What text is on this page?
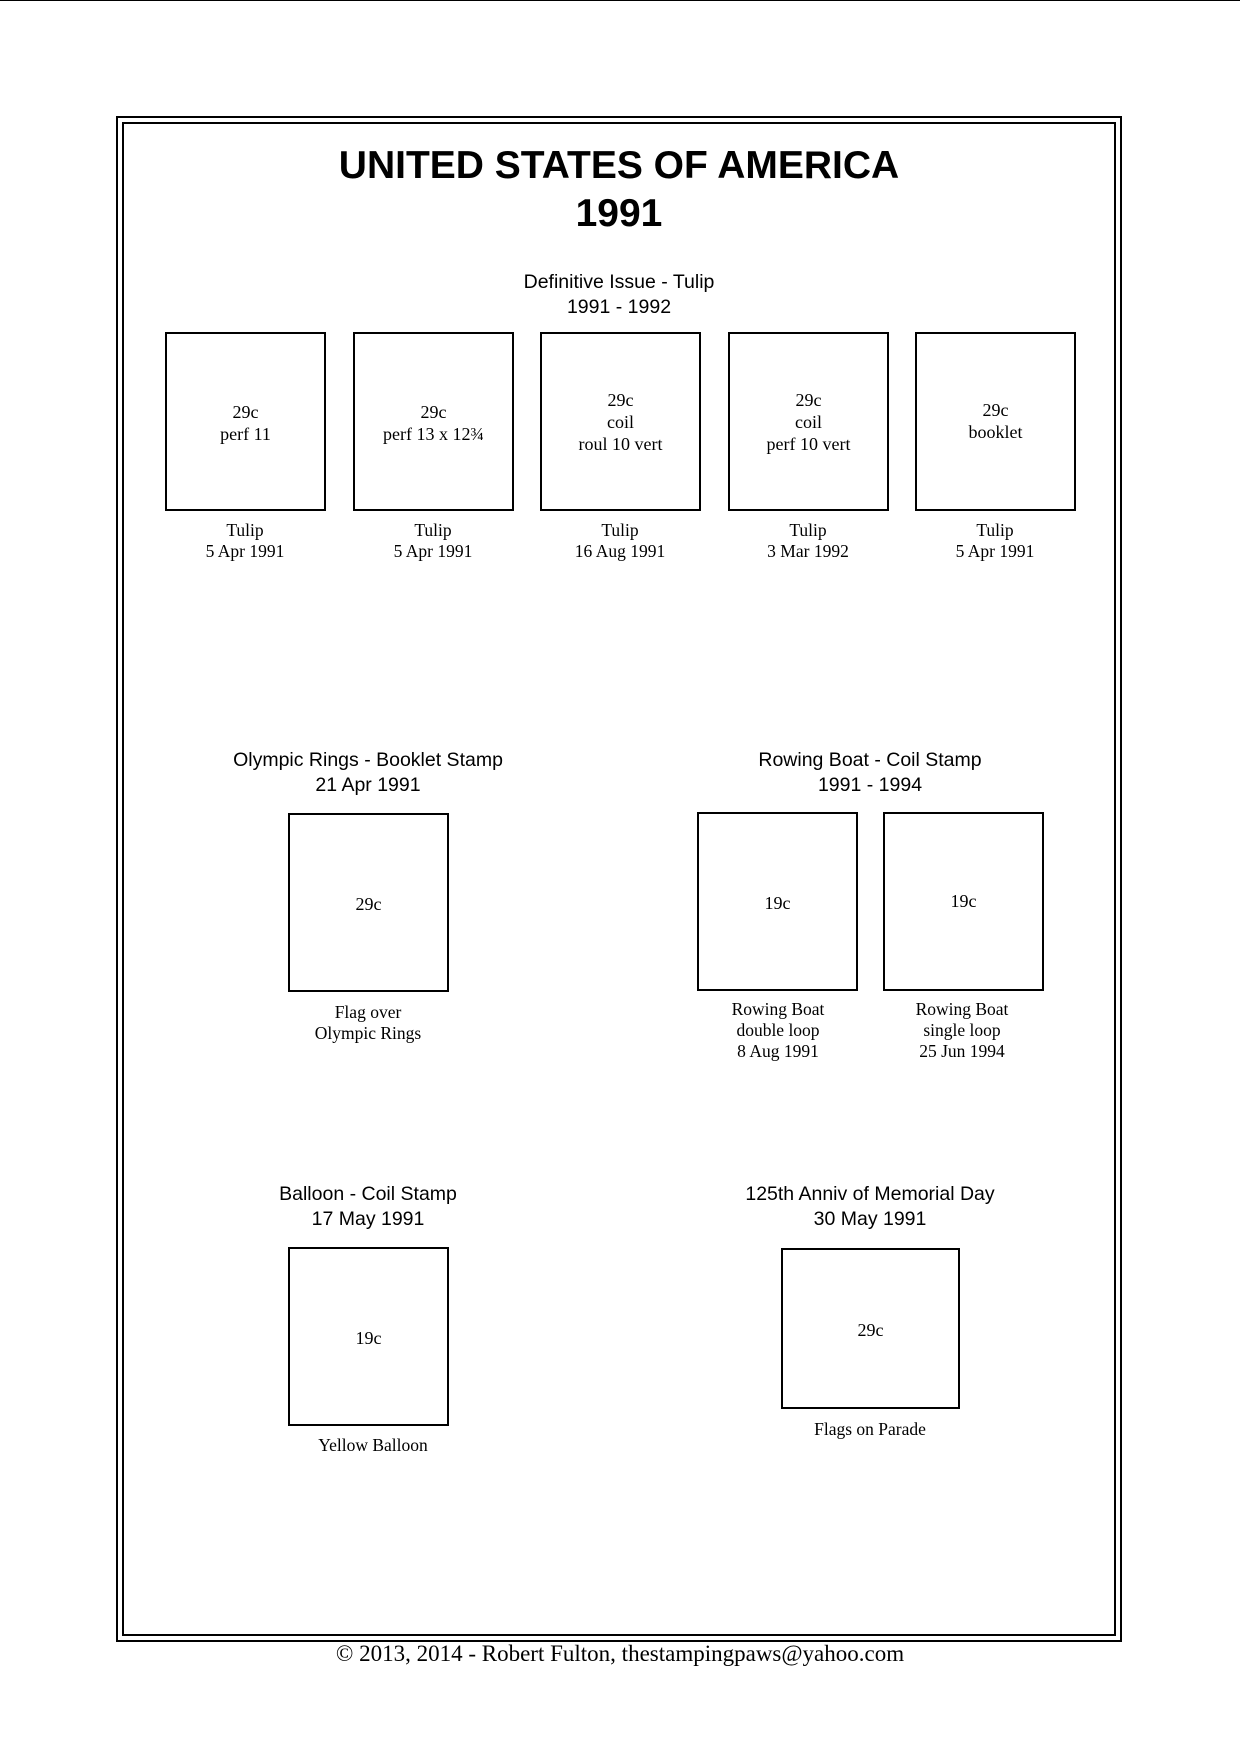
UNITED STATES OF AMERICA
1991
Definitive Issue - Tulip
1991 - 1992
29c
perf 11
29c
perf 13 x 12¾
29c
coil
roul 10 vert
29c
coil
perf 10 vert
29c
booklet
Tulip
5 Apr 1991
Tulip
5 Apr 1991
Tulip
16 Aug 1991
Tulip
3 Mar 1992
Tulip
5 Apr 1991
Olympic Rings - Booklet Stamp
21 Apr 1991
29c
Flag over
Olympic Rings
Rowing Boat - Coil Stamp
1991 - 1994
19c	19c
Rowing Boat
double loop
8 Aug 1991
Rowing Boat
single loop
25 Jun 1994
Balloon - Coil Stamp
17 May 1991
19c
Yellow Balloon
125th Anniv of Memorial Day
30 May 1991
29c
Flags on Parade
© 2013, 2014 - Robert Fulton, thestampingpaws@yahoo.com
